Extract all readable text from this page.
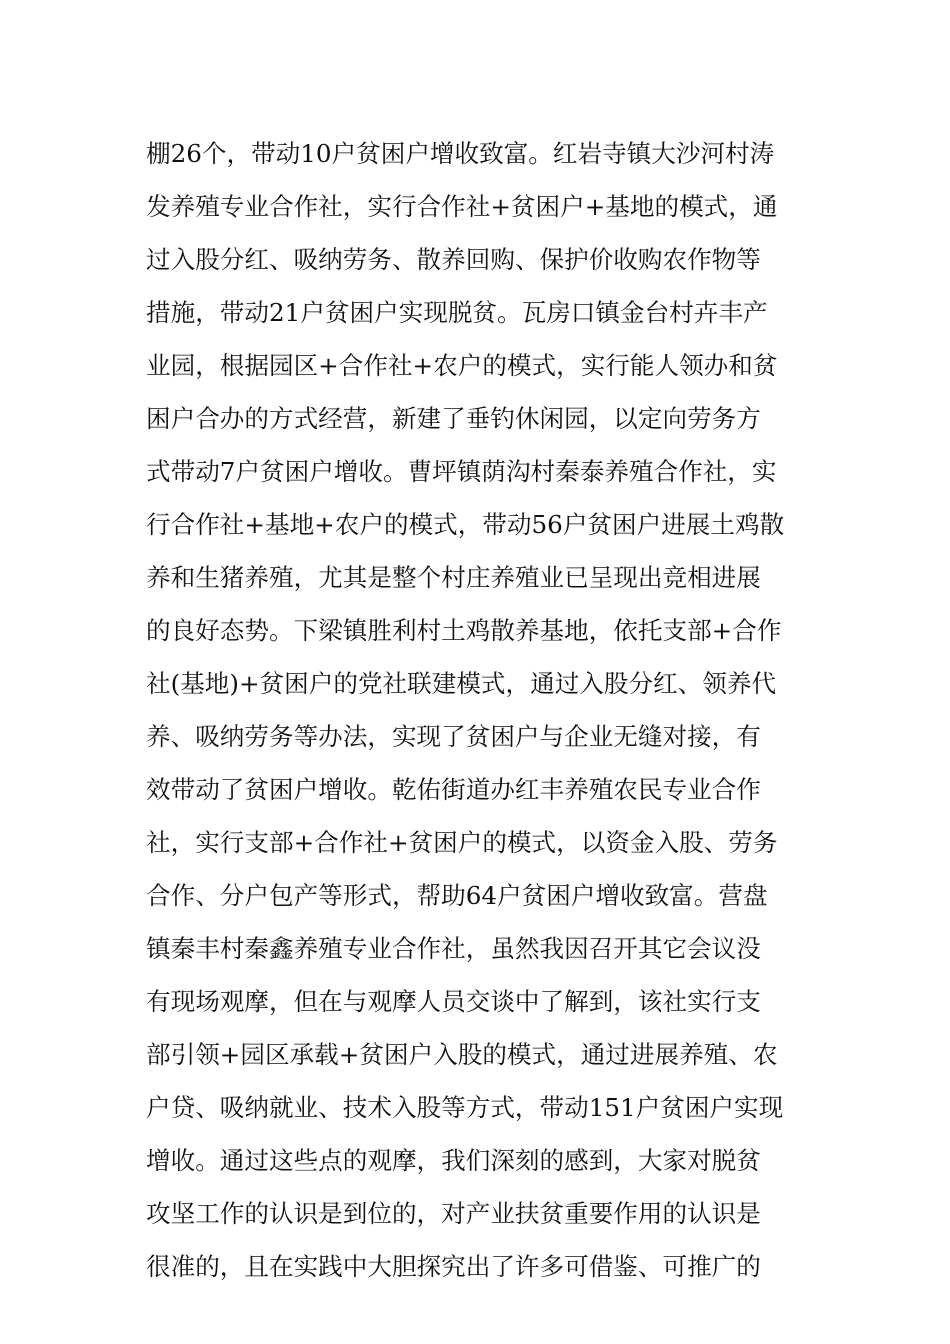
棚26个，带动10户贫困户增收致富。红岩寺镇大沙河村涛
发养殖专业合作社，实行合作社+贫困户+基地的模式，通
过入股分红、吸纳劳务、散养回购、保护价收购农作物等
措施，带动21户贫困户实现脱贫。瓦房口镇金台村卉丰产
业园，根据园区+合作社+农户的模式，实行能人领办和贫
困户合办的方式经营，新建了垂钓休闲园，以定向劳务方
式带动7户贫困户增收。曹坪镇荫沟村秦泰养殖合作社，实
行合作社+基地+农户的模式，带动56户贫困户进展土鸡散
养和生猪养殖，尤其是整个村庄养殖业已呈现出竞相进展
的良好态势。下梁镇胜利村土鸡散养基地，依托支部+合作
社(基地)+贫困户的党社联建模式，通过入股分红、领养代
养、吸纳劳务等办法，实现了贫困户与企业无缝对接，有
效带动了贫困户增收。乾佑街道办红丰养殖农民专业合作
社，实行支部+合作社+贫困户的模式，以资金入股、劳务
合作、分户包产等形式，帮助64户贫困户增收致富。营盘
镇秦丰村秦鑫养殖专业合作社，虽然我因召开其它会议没
有现场观摩，但在与观摩人员交谈中了解到，该社实行支
部引领+园区承载+贫困户入股的模式，通过进展养殖、农
户贷、吸纳就业、技术入股等方式，带动151户贫困户实现
增收。通过这些点的观摩，我们深刻的感到，大家对脱贫
攻坚工作的认识是到位的，对产业扶贫重要作用的认识是
很准的，且在实践中大胆探究出了许多可借鉴、可推广的
